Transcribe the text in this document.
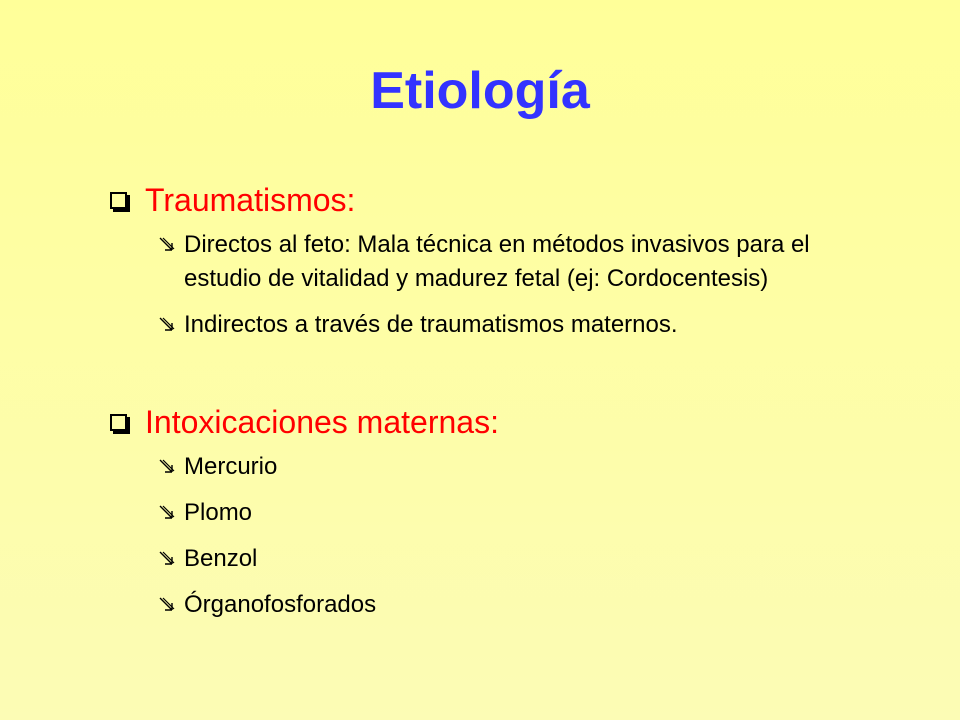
Etiología
Traumatismos:
Directos al feto: Mala técnica en métodos invasivos para el estudio de vitalidad y madurez fetal (ej: Cordocentesis)
Indirectos a través de traumatismos maternos.
Intoxicaciones maternas:
Mercurio
Plomo
Benzol
Órganofosforados
